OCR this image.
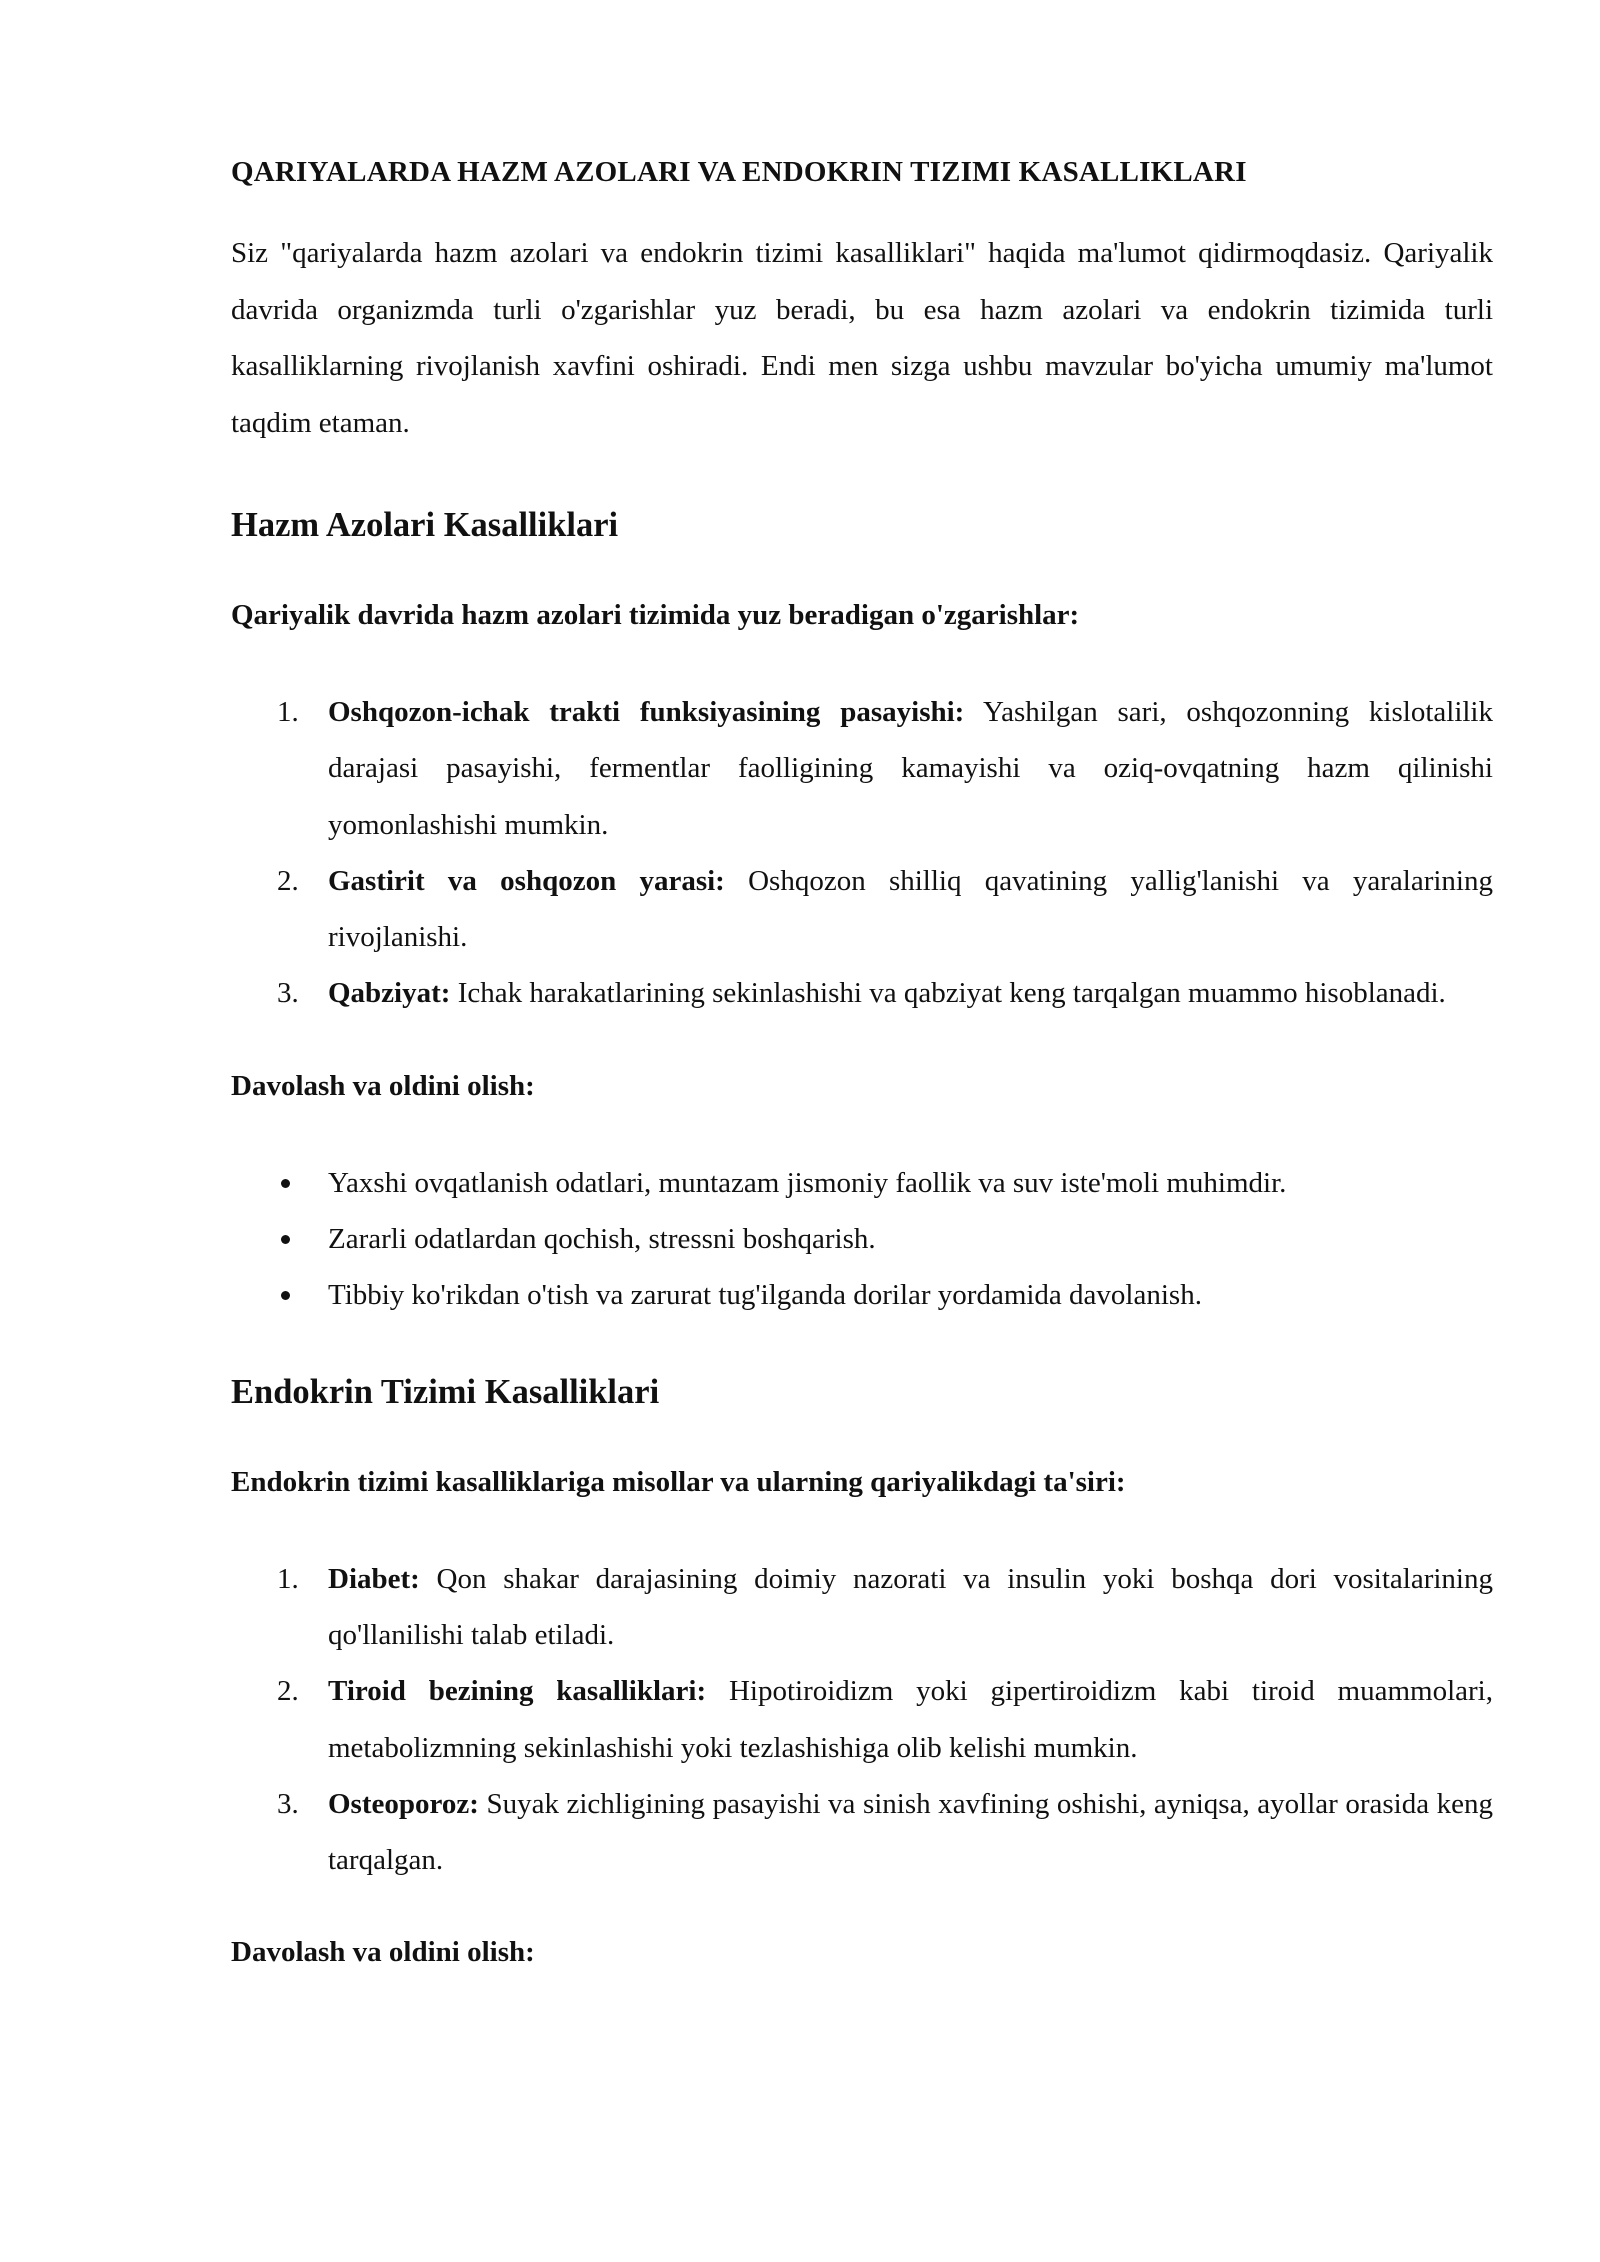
QARIYALARDA HAZM AZOLARI VA ENDOKRIN TIZIMI KASALLIKLARI

Siz "qariyalarda hazm azolari va endokrin tizimi kasalliklari" haqida ma'lumot qidirmoqdasiz. Qariyalik davrida organizmda turli o'zgarishlar yuz beradi, bu esa hazm azolari va endokrin tizimida turli kasalliklarning rivojlanish xavfini oshiradi. Endi men sizga ushbu mavzular bo'yicha umumiy ma'lumot taqdim etaman.

Hazm Azolari Kasalliklari
Qariyalik davrida hazm azolari tizimida yuz beradigan o'zgarishlar:
1.	Oshqozon-ichak trakti funksiyasining pasayishi: Yashilgan sari, oshqozonning kislotalilik darajasi pasayishi, fermentlar faolligining kamayishi va oziq-ovqatning hazm qilinishi yomonlashishi mumkin.
2.	Gastirit va oshqozon yarasi: Oshqozon shilliq qavatining yallig'lanishi va yaralarining rivojlanishi.
3.	Qabziyat: Ichak harakatlarining sekinlashishi va qabziyat keng tarqalgan muammo hisoblanadi.
Davolash va oldini olish:
Yaxshi ovqatlanish odatlari, muntazam jismoniy faollik va suv iste'moli muhimdir.
Zararli odatlardan qochish, stressni boshqarish.
Tibbiy ko'rikdan o'tish va zarurat tug'ilganda dorilar yordamida davolanish.
Endokrin Tizimi Kasalliklari
Endokrin tizimi kasalliklariga misollar va ularning qariyalikdagi ta'siri:
1.	Diabet: Qon shakar darajasining doimiy nazorati va insulin yoki boshqa dori vositalarining qo'llanilishi talab etiladi.
2.	Tiroid bezining kasalliklari: Hipotiroidizm yoki gipertiroidizm kabi tiroid muammolari, metabolizmning sekinlashishi yoki tezlashishiga olib kelishi mumkin.
3.	Osteoporoz: Suyak zichligining pasayishi va sinish xavfining oshishi, ayniqsa, ayollar orasida keng tarqalgan.
Davolash va oldini olish:
